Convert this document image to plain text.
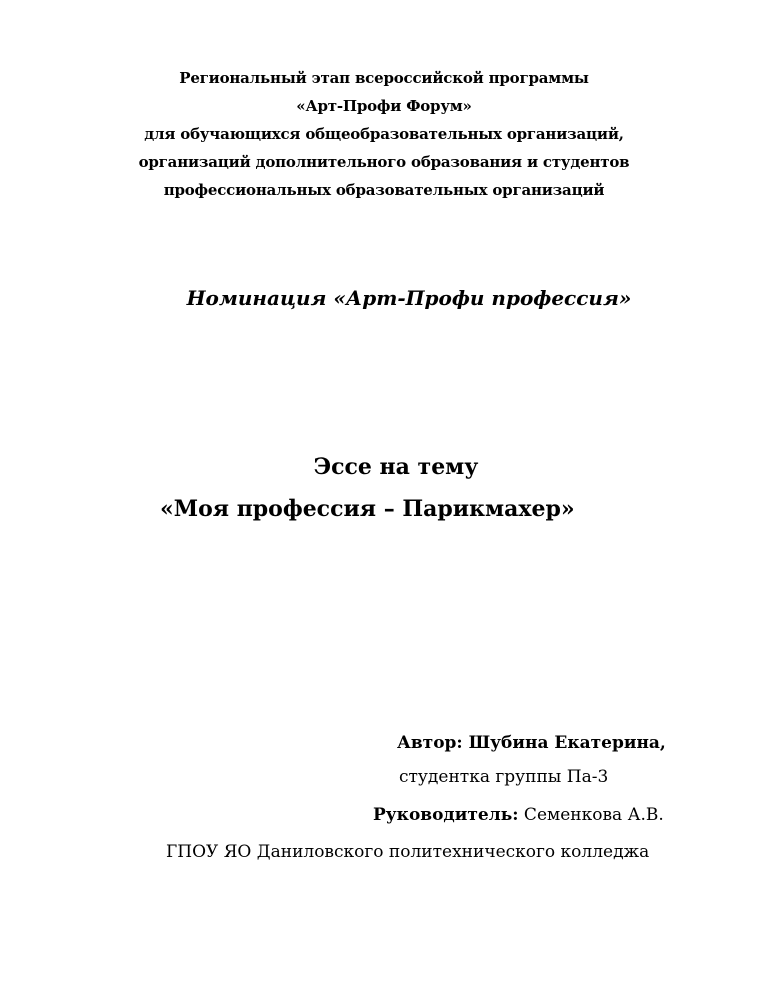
Региональный этап всероссийской программы
«Арт-Профи Форум»
для обучающихся общеобразовательных организаций,
организаций дополнительного образования и студентов
профессиональных образовательных организаций
Номинация «Арт-Профи профессия»
Эссе на тему
«Моя профессия – Парикмахер»
Автор: Шубина Екатерина,
студентка группы Па-3
Руководитель: Семенкова А.В.
ГПОУ ЯО Даниловского политехнического колледжа
